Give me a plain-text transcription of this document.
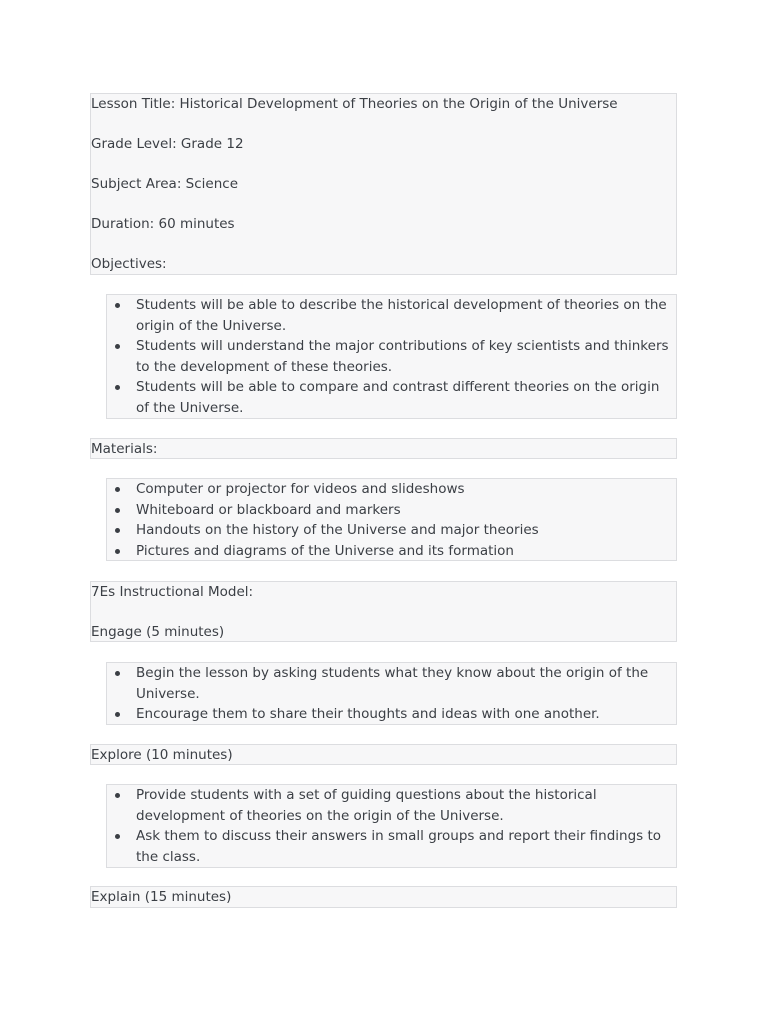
Lesson Title: Historical Development of Theories on the Origin of the Universe

Grade Level: Grade 12

Subject Area: Science

Duration: 60 minutes

Objectives:

Students will be able to describe the historical development of theories on the origin of the Universe.
Students will understand the major contributions of key scientists and thinkers to the development of these theories.
Students will be able to compare and contrast different theories on the origin of the Universe.

Materials:

Computer or projector for videos and slideshows
Whiteboard or blackboard and markers
Handouts on the history of the Universe and major theories
Pictures and diagrams of the Universe and its formation

7Es Instructional Model:

Engage (5 minutes)

Begin the lesson by asking students what they know about the origin of the Universe.
Encourage them to share their thoughts and ideas with one another.

Explore (10 minutes)

Provide students with a set of guiding questions about the historical development of theories on the origin of the Universe.
Ask them to discuss their answers in small groups and report their findings to the class.

Explain (15 minutes)
